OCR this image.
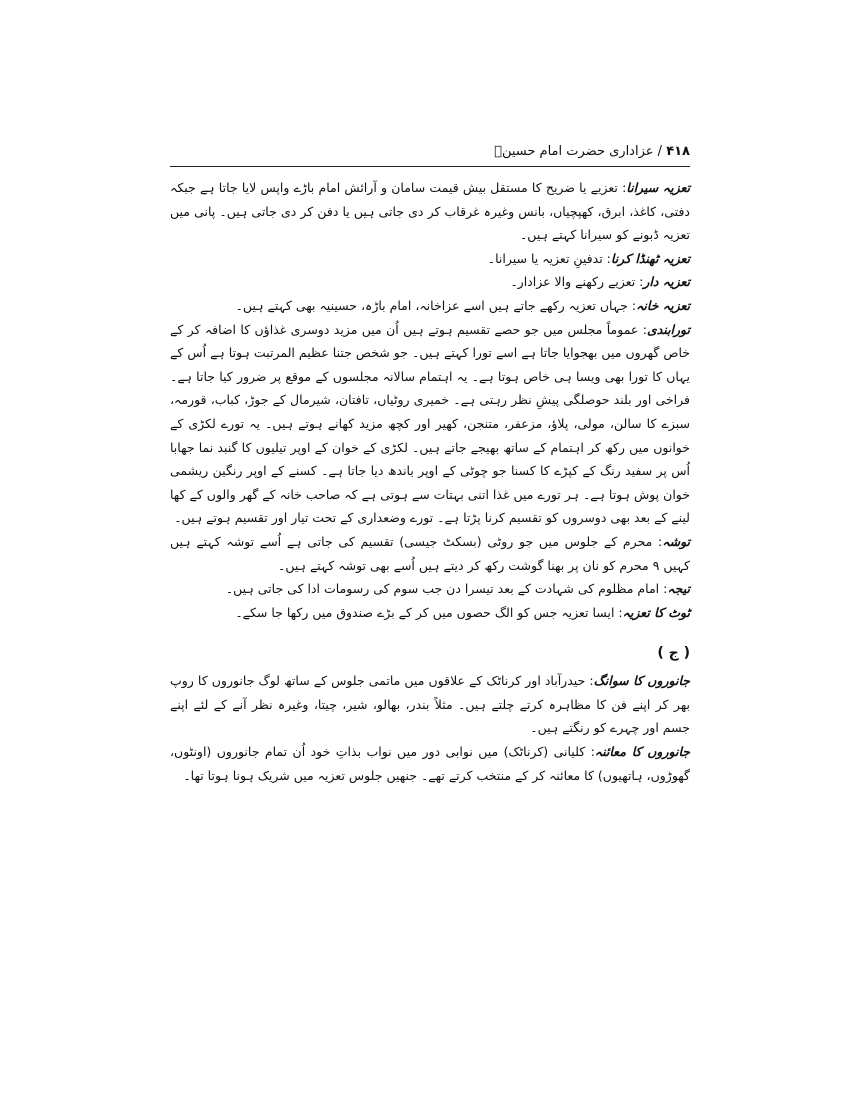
۴۱۸ / عزاداری حضرت امام حسینؑ

تعزیہ سیرانا: تعزیے یا ضریح کا مستقل بیش قیمت سامان و آرائش امام باڑے واپس لایا جاتا ہے جبکہ دفتی، کاغذ، ابرق، کھپچیاں، بانس وغیرہ غرقاب کر دی جاتی ہیں یا دفن کر دی جاتی ہیں۔ پانی میں تعزیہ ڈبونے کو سیرانا کہتے ہیں۔

تعزیہ ٹھنڈا کرنا: تدفینِ تعزیہ یا سیرانا۔

تعزیہ دار: تعزیے رکھنے والا عزادار۔

تعزیہ خانہ: جہاں تعزیہ رکھے جاتے ہیں اسے عزاخانہ، امام باڑہ، حسینیہ بھی کہتے ہیں۔

تورابندی: عموماً مجلس میں جو حصے تقسیم ہوتے ہیں اُن میں مزید دوسری غذاؤں کا اضافہ کر کے خاص گھروں میں بھجوایا جاتا ہے اسے تورا کہتے ہیں۔ جو شخص جتنا عظیم المرتبت ہوتا ہے اُس کے یہاں کا تورا بھی ویسا ہی خاص ہوتا ہے۔ یہ اہتمام سالانہ مجلسوں کے موقع پر ضرور کیا جاتا ہے۔ فراخی اور بلند حوصلگی پیشِ نظر رہتی ہے۔ خمیری روٹیاں، تافتان، شیرمال کے جوڑ، کباب، قورمہ، سبزے کا سالن، مولی، پلاؤ، مزعفر، متنجن، کھیر اور کچھ مزید کھانے ہوتے ہیں۔ یہ تورے لکڑی کے خوانوں میں رکھ کر اہتمام کے ساتھ بھیجے جاتے ہیں۔ لکڑی کے خوان کے اوپر تیلیوں کا گنبد نما جھابا اُس پر سفید رنگ کے کپڑے کا کسنا جو چوٹی کے اوپر باندھ دیا جاتا ہے۔ کسنے کے اوپر رنگین ریشمی خوان پوش ہوتا ہے۔ ہر تورے میں غذا اتنی بہتات سے ہوتی ہے کہ صاحب خانہ کے گھر والوں کے کھا لینے کے بعد بھی دوسروں کو تقسیم کرنا پڑتا ہے۔ تورے وضعداری کے تحت تیار اور تقسیم ہوتے ہیں۔

توشہ: محرم کے جلوس میں جو روٹی (بسکٹ جیسی) تقسیم کی جاتی ہے اُسے توشہ کہتے ہیں کہیں ۹ محرم کو نان پر بھنا گوشت رکھ کر دیتے ہیں اُسے بھی توشہ کہتے ہیں۔

تیجہ: امام مظلوم کی شہادت کے بعد تیسرا دن جب سوم کی رسومات ادا کی جاتی ہیں۔

ٹوٹ کا تعزیہ: ایسا تعزیہ جس کو الگ حصوں میں کر کے بڑے صندوق میں رکھا جا سکے۔

( ج )

جانوروں کا سوانگ: حیدرآباد اور کرناٹک کے علاقوں میں ماتمی جلوس کے ساتھ لوگ جانوروں کا روپ بھر کر اپنے فن کا مظاہرہ کرتے چلتے ہیں۔ مثلاً بندر، بھالو، شیر، چیتا، وغیرہ نظر آنے کے لئے اپنے جسم اور چہرے کو رنگتے ہیں۔

جانوروں کا معائنہ: کلیانی (کرناٹک) میں نوابی دور میں نواب بذاتِ خود اُن تمام جانوروں (اونٹوں، گھوڑوں، ہاتھیوں) کا معائنہ کر کے منتخب کرتے تھے۔ جنھیں جلوس تعزیہ میں شریک ہونا ہوتا تھا۔
